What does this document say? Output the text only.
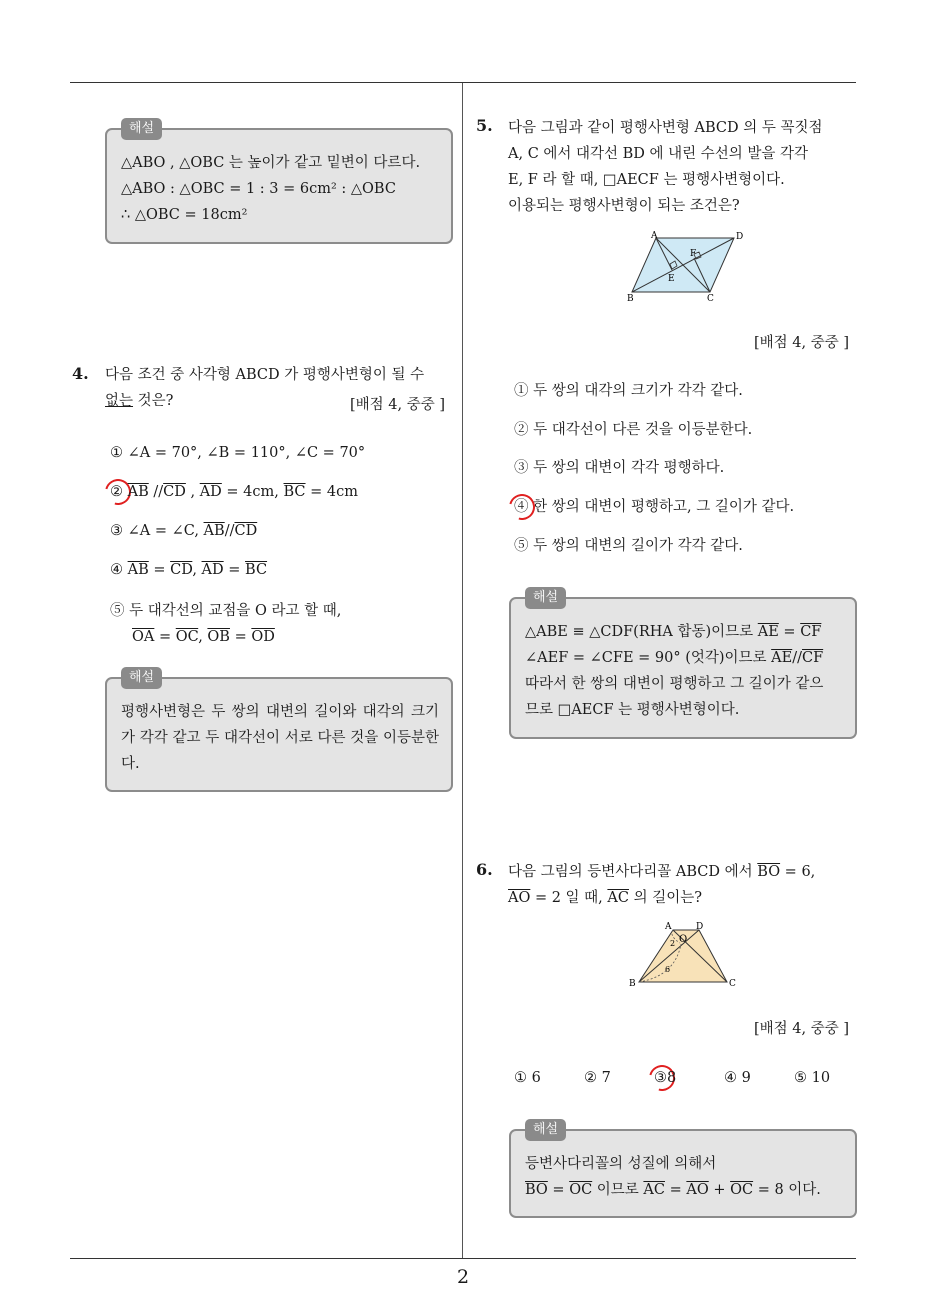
2
해설

△ABO , △OBC 는 높이가 같고 밑변이 다르다.

△ABO : △OBC = 1 : 3 = 6cm² : △OBC

∴ △OBC = 18cm²

4. 다음 조건 중 사각형 ABCD 가 평행사변형이 될 수
없는 것은?	[배점 4, 중중 ]
① ∠A = 70°, ∠B = 110°, ∠C = 70°
② $\overline{AB}$ $//\overline{CD}$ , $\overline{AD} = 4cm$, $\overline{BC} = 4cm$
③ ∠A = ∠C, $\overline{AB}//\overline{CD}$
④ $\overline{AB} = \overline{CD}$, $\overline{AD} = \overline{BC}$
⑤ 두 대각선의 교점을 O 라고 할 때,
$\overline{OA} = \overline{OC}$, $\overline{OB} = \overline{OD}$
해설

평행사변형은 두 쌍의 대변의 길이와 대각의 크기가 각각 같고 두 대각선이 서로 다른 것을 이등분한다.

5. 다음 그림과 같이 평행사변형 ABCD 의 두 꼭짓점
A, C 에서 대각선 BD 에 내린 수선의 발을 각각
E, F 라 할 때, □AECF 는 평행사변형이다.
이용되는 평행사변형이 되는 조건은?
A	D
B	C
E
F
[배점 4, 중중 ]
① 두 쌍의 대각의 크기가 각각 같다.
② 두 대각선이 다른 것을 이등분한다.
③ 두 쌍의 대변이 각각 평행하다.
④ 한 쌍의 대변이 평행하고, 그 길이가 같다.
⑤ 두 쌍의 대변의 길이가 각각 같다.
해설

△ABE ≡ △CDF(RHA 합동)이므로 $\overline{AE} = \overline{CF}$

∠AEF = ∠CFE = 90° (엇각)이므로 $\overline{AE}//\overline{CF}$

따라서 한 쌍의 대변이 평행하고 그 길이가 같으

므로 □AECF 는 평행사변형이다.

6. 다음 그림의 등변사다리꼴 ABCD 에서 $\overline{BO} = 6$,
$\overline{AO} = 2$ 일 때, $\overline{AC}$ 의 길이는?
A	D
B	C
O
2
6
[배점 4, 중중 ]
① 6	② 7	③8	④ 9	⑤ 10
해설

등변사다리꼴의 성질에 의해서

$\overline{BO} = \overline{OC}$ 이므로 $\overline{AC} = \overline{AO} + \overline{OC} = 8$ 이다.
